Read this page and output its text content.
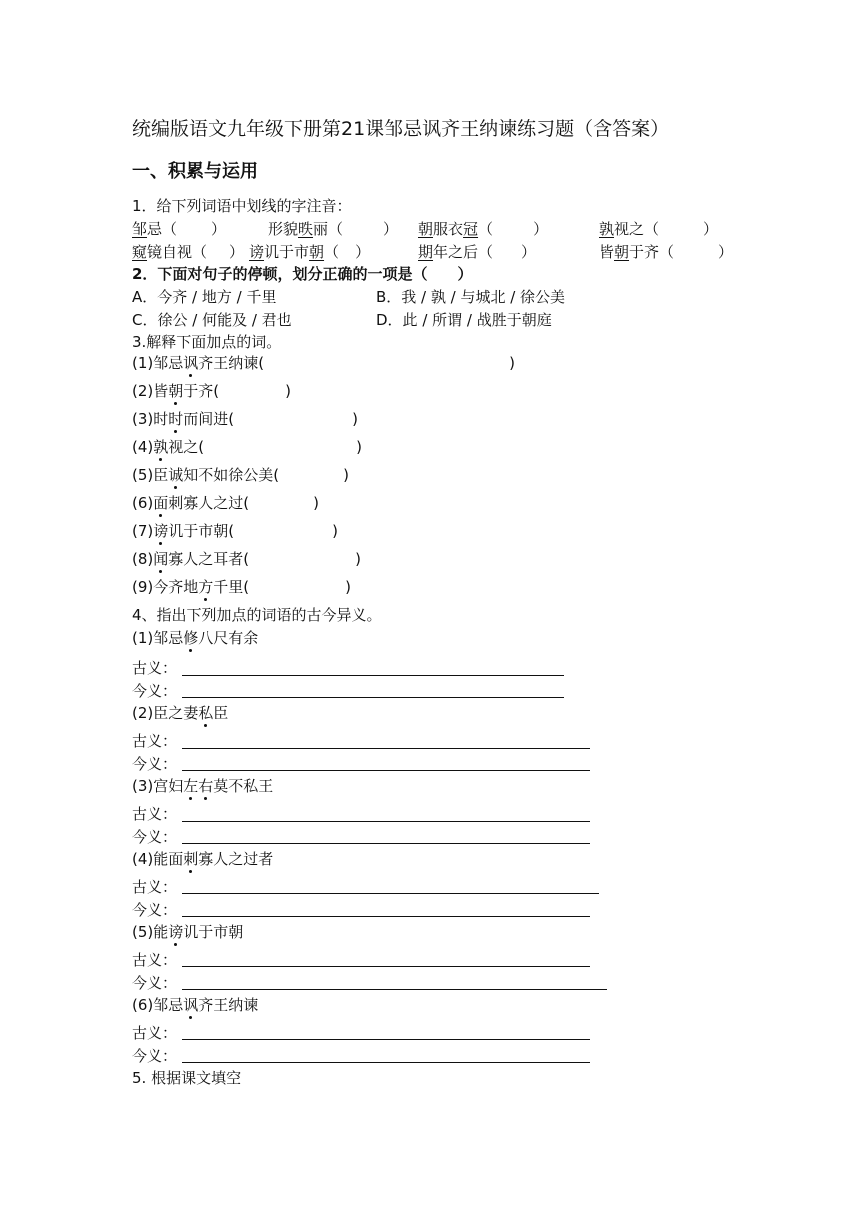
统编版语文九年级下册第21课邹忌讽齐王纳谏练习题（含答案）
一、积累与运用
1．给下列词语中划线的字注音：
邹忌（ ）	形貌昳丽（	） 朝服衣冠（	）	孰视之（	）
窥镜自视（ ） 谤讥于市朝（ ）	期年之后（ ）	皆朝于齐（	）
2．下面对句子的停顿，划分正确的一项是（　　）
A．今齐 / 地方 / 千里	B．我 / 孰 / 与城北 / 徐公美
C．徐公 / 何能及 / 君也	D．此 / 所谓 / 战胜于朝庭
3.解释下面加点的词。
(1)邹忌讽齐王纳谏(	)
(2)皆朝于齐(	)
(3)时时而间进(	)
(4)孰视之(	)
(5)臣诚知不如徐公美(	)
(6)面刺寡人之过(	)
(7)谤讥于市朝(	)
(8)闻寡人之耳者(	)
(9)今齐地方千里(	)
4、指出下列加点的词语的古今异义。
(1)邹忌修八尺有余
古义：
今义：
(2)臣之妻私臣
古义：
今义：
(3)宫妇左右莫不私王
古义：
今义：
(4)能面刺寡人之过者
古义：
今义：
(5)能谤讥于市朝
古义：
今义：
(6)邹忌讽齐王纳谏
古义：
今义：
5. 根据课文填空
